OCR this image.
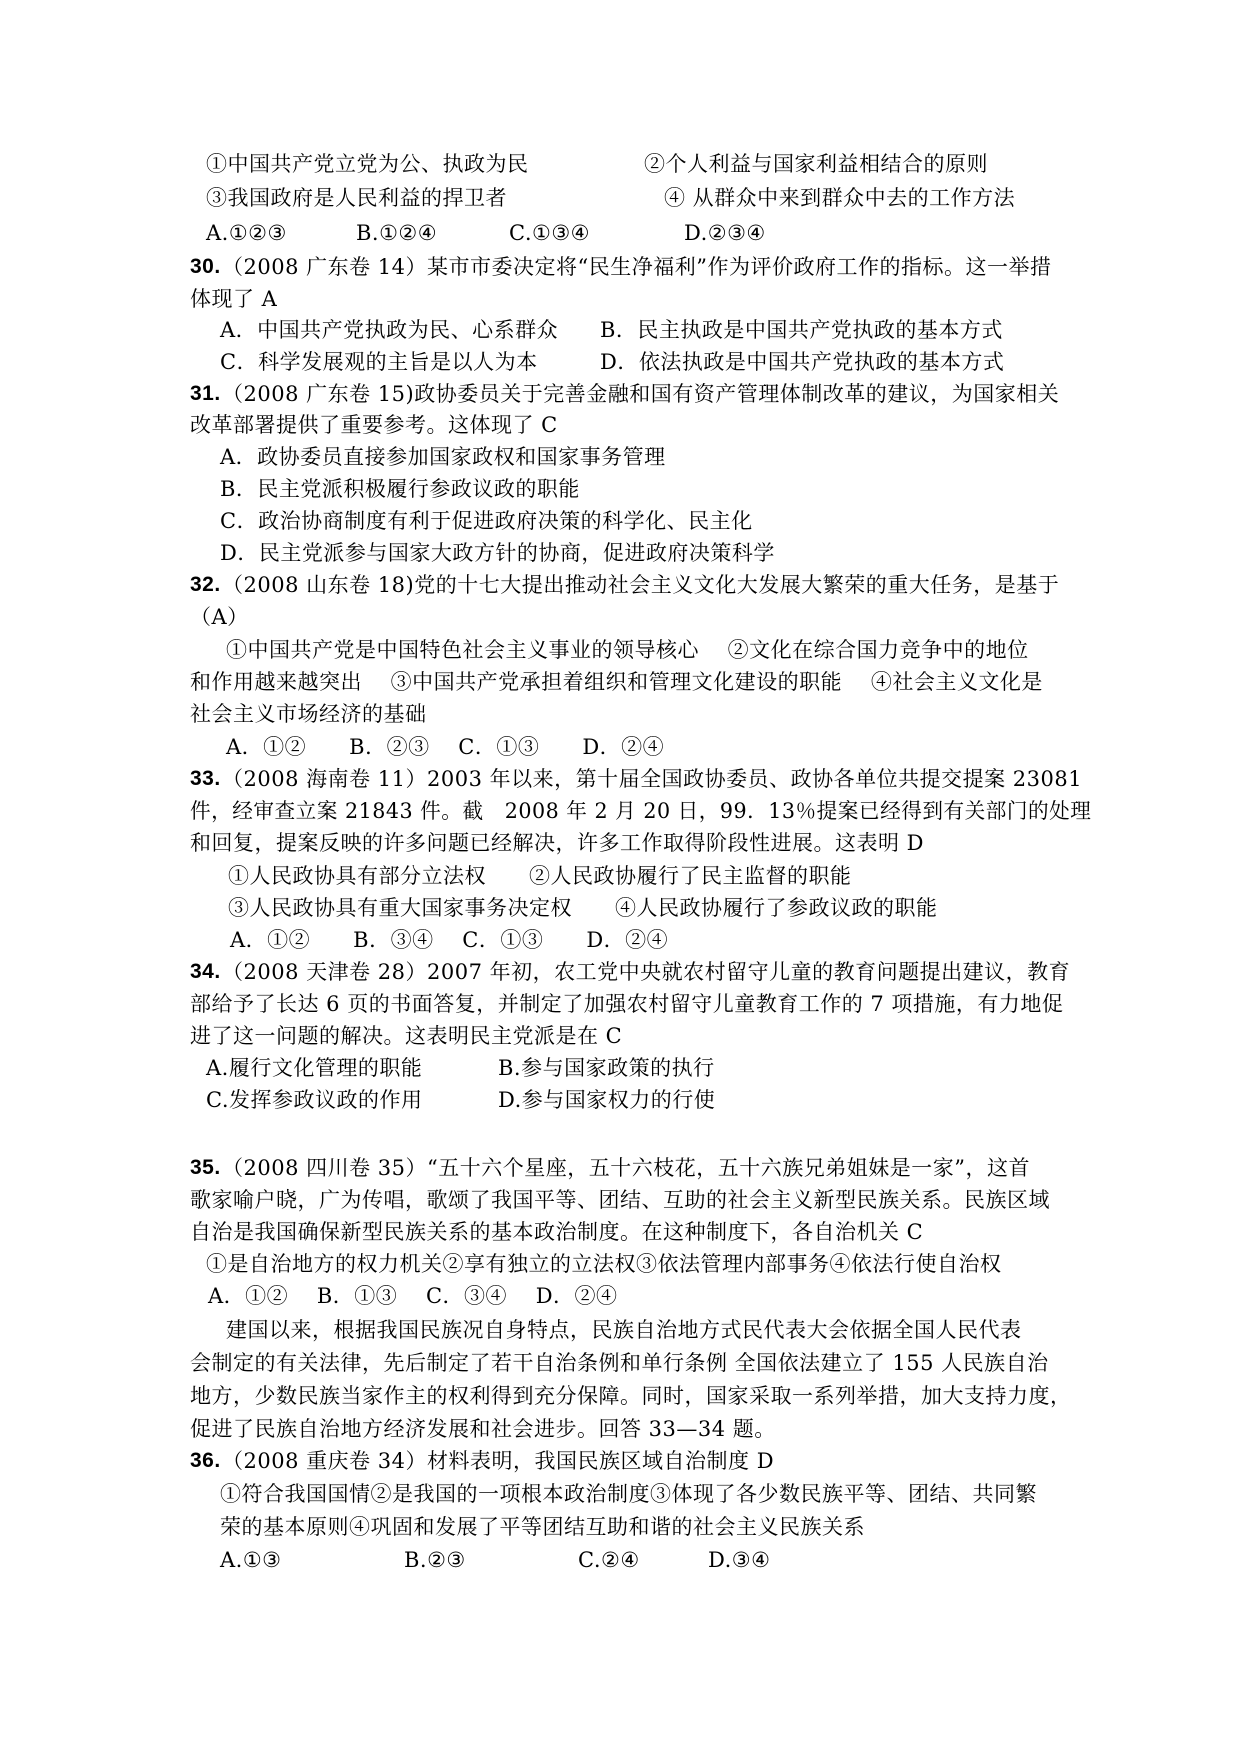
①中国共产党立党为公、执政为民	②个人利益与国家利益相结合的原则
③我国政府是人民利益的捍卫者	④ 从群众中来到群众中去的工作方法
A.①②③	B.①②④	C.①③④	D.②③④
30. （2008 广东卷 14）某市市委决定将“民生净福利”作为评价政府工作的指标。这一举措
体现了 A
A．中国共产党执政为民、心系群众 B．民主执政是中国共产党执政的基本方式
C．科学发展观的主旨是以人为本	D．依法执政是中国共产党执政的基本方式
31. （2008 广东卷 15)政协委员关于完善金融和国有资产管理体制改革的建议，为国家相关
改革部署提供了重要参考。这体现了 C
A．政协委员直接参加国家政权和国家事务管理
B．民主党派积极履行参政议政的职能
C．政治协商制度有利于促进政府决策的科学化、民主化
D．民主党派参与国家大政方针的协商，促进政府决策科学
32. （2008 山东卷 18)党的十七大提出推动社会主义文化大发展大繁荣的重大任务，是基于
（A）
①中国共产党是中国特色社会主义事业的领导核心　 ②文化在综合国力竞争中的地位
和作用越来越突出　 ③中国共产党承担着组织和管理文化建设的职能　 ④社会主义文化是
社会主义市场经济的基础
A．①②　　B．②③　 C．①③　　D．②④
33. （2008 海南卷 11）2003 年以来，第十届全国政协委员、政协各单位共提交提案 23081
件，经审查立案 21843 件。截　2008 年 2 月 20 日，99．13％提案已经得到有关部门的处理
和回复，提案反映的许多问题已经解决，许多工作取得阶段性进展。这表明 D
①人民政协具有部分立法权　　②人民政协履行了民主监督的职能
③人民政协具有重大国家事务决定权　　④人民政协履行了参政议政的职能
A．①②　　B．③④　 C．①③　　D．②④
34. （2008 天津卷 28）2007 年初，农工党中央就农村留守儿童的教育问题提出建议，教育
部给予了长达 6 页的书面答复，并制定了加强农村留守儿童教育工作的 7 项措施，有力地促
进了这一问题的解决。这表明民主党派是在 C
A.履行文化管理的职能	B.参与国家政策的执行
C.发挥参政议政的作用	D.参与国家权力的行使
35. （2008 四川卷 35）“五十六个星座，五十六枝花，五十六族兄弟姐妹是一家”，这首
歌家喻户晓，广为传唱，歌颂了我国平等、团结、互助的社会主义新型民族关系。民族区域
自治是我国确保新型民族关系的基本政治制度。在这种制度下，各自治机关 C
①是自治地方的权力机关②享有独立的立法权③依法管理内部事务④依法行使自治权
A．①②　 B．①③　 C．③④　 D．②④
建国以来，根据我国民族况自身特点，民族自治地方式民代表大会依据全国人民代表
会制定的有关法律，先后制定了若干自治条例和单行条例 全国依法建立了 155 人民族自治
地方，少数民族当家作主的权利得到充分保障。同时，国家采取一系列举措，加大支持力度，
促进了民族自治地方经济发展和社会进步。回答 33—34 题。
36. （2008 重庆卷 34）材料表明，我国民族区域自治制度 D
①符合我国国情②是我国的一项根本政治制度③体现了各少数民族平等、团结、共同繁
荣的基本原则④巩固和发展了平等团结互助和谐的社会主义民族关系
A.①③	B.②③	C.②④	D.③④
